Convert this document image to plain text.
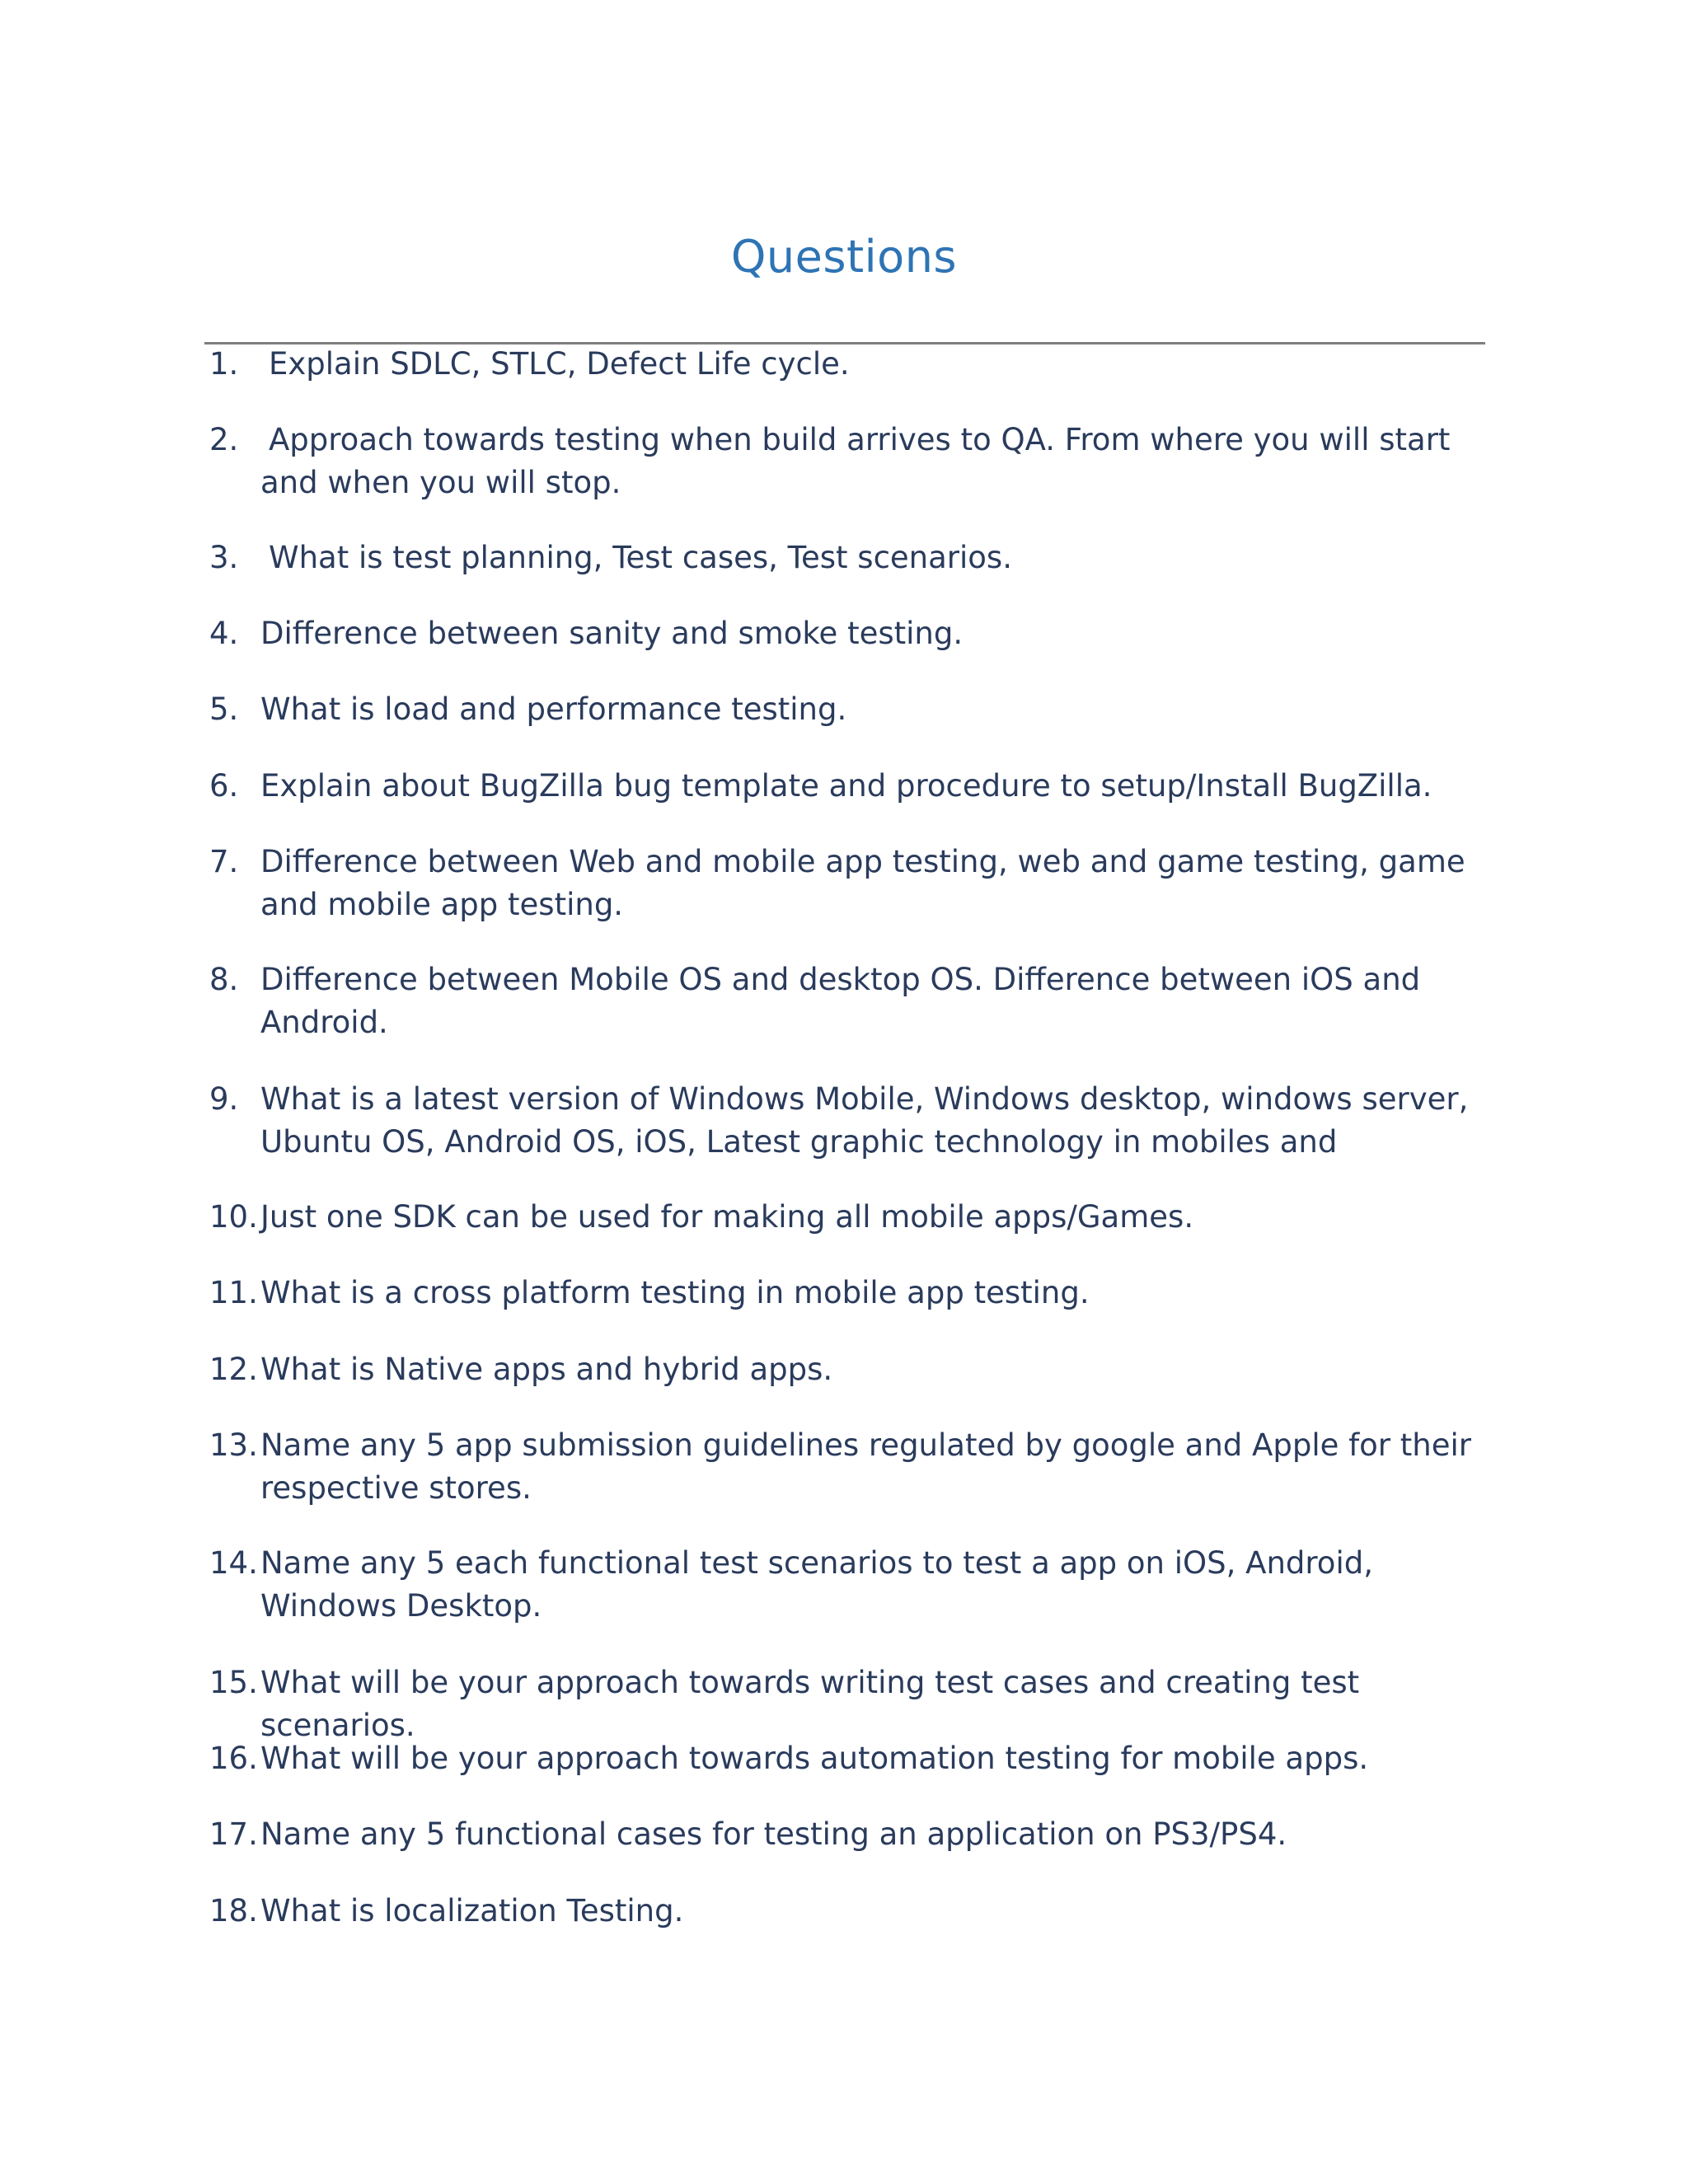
Questions
1. Explain SDLC, STLC, Defect Life cycle.
2. Approach towards testing when build arrives to QA. From where you will start and when you will stop.
3. What is test planning, Test cases, Test scenarios.
4. Difference between sanity and smoke testing.
5. What is load and performance testing.
6. Explain about BugZilla bug template and procedure to setup/Install BugZilla.
7. Difference between Web and mobile app testing, web and game testing, game and mobile app testing.
8. Difference between Mobile OS and desktop OS. Difference between iOS and Android.
9. What is a latest version of Windows Mobile, Windows desktop, windows server, Ubuntu OS, Android OS, iOS, Latest graphic technology in mobiles and
10. Just one SDK can be used for making all mobile apps/Games.
11. What is a cross platform testing in mobile app testing.
12. What is Native apps and hybrid apps.
13. Name any 5 app submission guidelines regulated by google and Apple for their respective stores.
14. Name any 5 each functional test scenarios to test a app on iOS, Android, Windows Desktop.
15. What will be your approach towards writing test cases and creating test scenarios.
16. What will be your approach towards automation testing for mobile apps.
17. Name any 5 functional cases for testing an application on PS3/PS4.
18. What is localization Testing.
